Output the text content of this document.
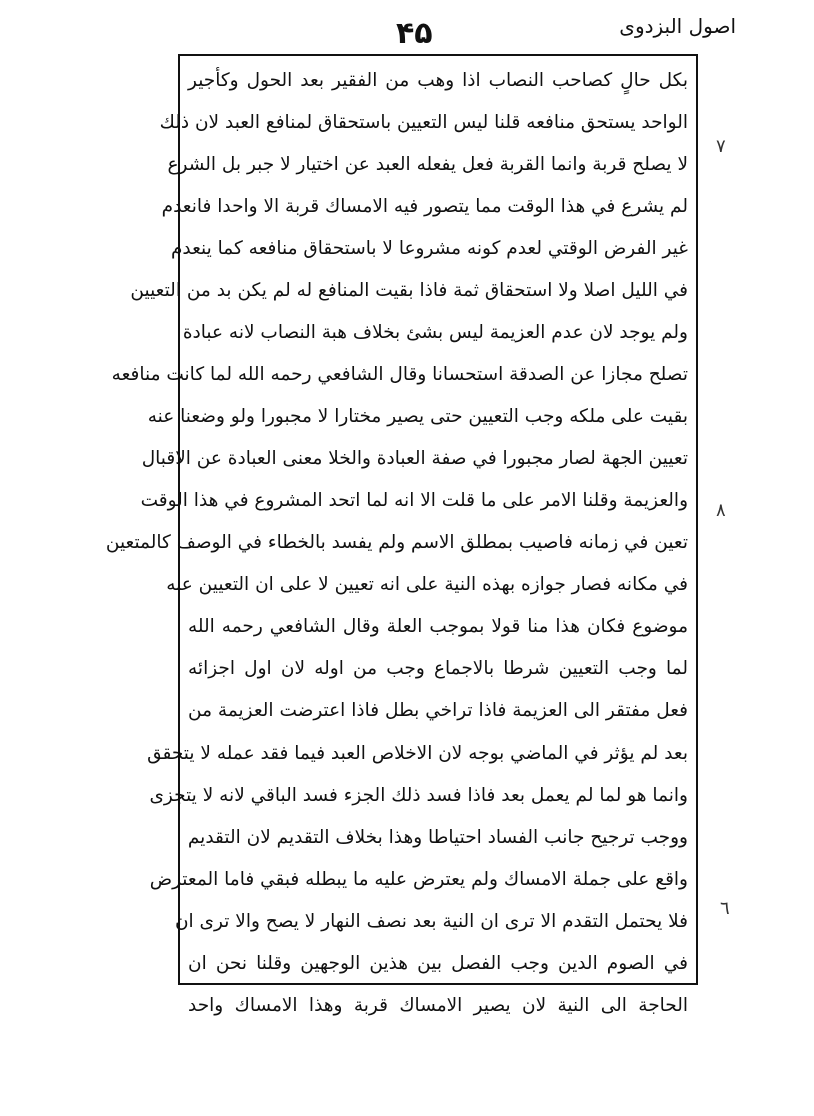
اصول البزدوی
۴۵
بكل حالٍ كصاحب النصاب اذا وهب من الفقير بعد الحول وكأجير
الواحد يستحق منافعه قلنا ليس التعيين باستحقاق لمنافع العبد لان ذلك
لا يصلح قربة وانما القربة فعل يفعله العبد عن اختيار لا جبر بل الشرع
لم يشرع في هذا الوقت مما يتصور فيه الامساك قربة الا واحدا فانعدم
غير الفرض الوقتي لعدم كونه مشروعا لا باستحقاق منافعه كما ينعدم
في الليل اصلا ولا استحقاق ثمة فاذا بقيت المنافع له لم يكن بد من التعيين
ولم يوجد لان عدم العزيمة ليس بشئ بخلاف هبة النصاب لانه عبادة
تصلح مجازا عن الصدقة استحسانا وقال الشافعي رحمه الله لما كانت منافعه
بقيت على ملكه وجب التعيين حتى يصير مختارا لا مجبورا ولو وضعنا عنه
تعيين الجهة لصار مجبورا في صفة العبادة والخلا معنى العبادة عن الاقبال
والعزيمة وقلنا الامر على ما قلت الا انه لما اتحد المشروع في هذا الوقت
تعين في زمانه فاصيب بمطلق الاسم ولم يفسد بالخطاء في الوصف كالمتعين
في مكانه فصار جوازه بهذه النية على انه تعيين لا على ان التعيين عنه
موضوع فكان هذا منا قولا بموجب العلة وقال الشافعي رحمه الله
لما وجب التعيين شرطا بالاجماع وجب من اوله لان اول اجزائه
فعل مفتقر الى العزيمة فاذا تراخي بطل فاذا اعترضت العزيمة من
بعد لم يؤثر في الماضي بوجه لان الاخلاص العبد فيما فقد عمله لا يتحقق
وانما هو لما لم يعمل بعد فاذا فسد ذلك الجزء فسد الباقي لانه لا يتجزى
ووجب ترجيح جانب الفساد احتياطا وهذا بخلاف التقديم لان التقديم
واقع على جملة الامساك ولم يعترض عليه ما يبطله فبقي فاما المعترض
فلا يحتمل التقدم الا ترى ان النية بعد نصف النهار لا يصح والا ترى ان
في الصوم الدين وجب الفصل بين هذين الوجهين وقلنا نحن ان
الحاجة الى النية لان يصير الامساك قربة وهذا الامساك واحد
٧
٨
٦
